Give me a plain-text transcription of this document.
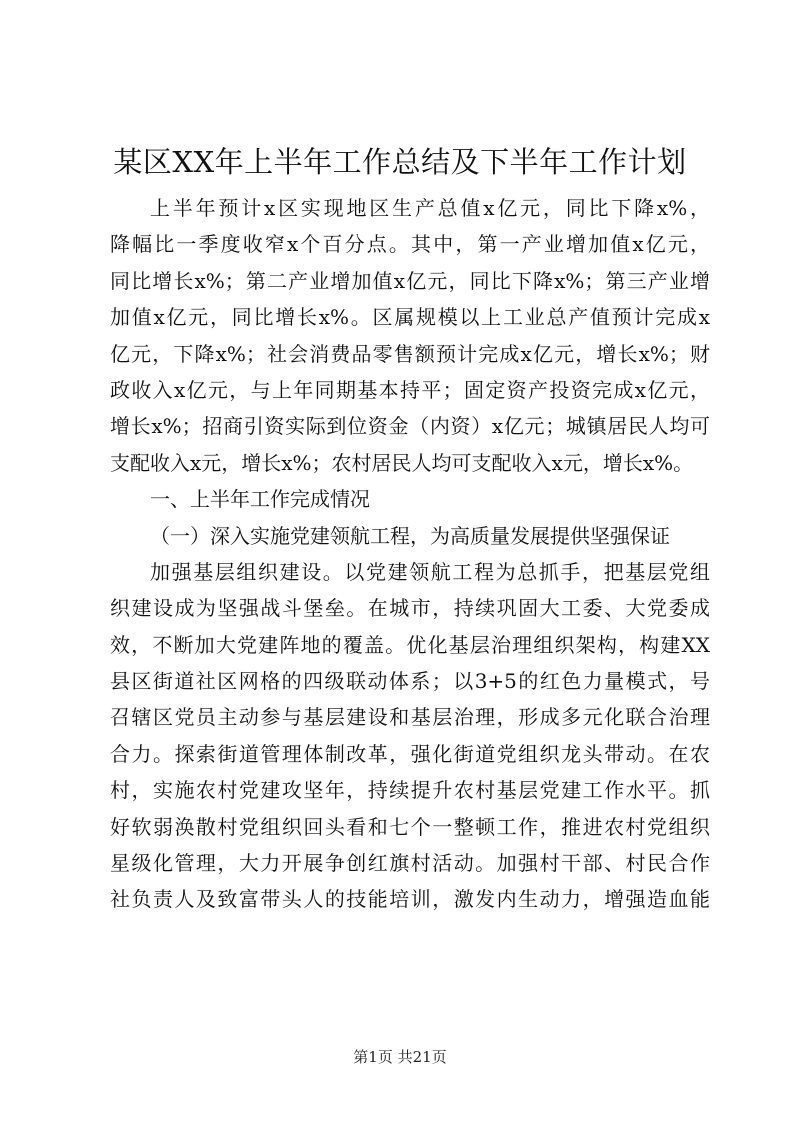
某区XX年上半年工作总结及下半年工作计划
上半年预计x区实现地区生产总值x亿元，同比下降x%，
降幅比一季度收窄x个百分点。其中，第一产业增加值x亿元，
同比增长x%；第二产业增加值x亿元，同比下降x%；第三产业增
加值x亿元，同比增长x%。区属规模以上工业总产值预计完成x
亿元，下降x%；社会消费品零售额预计完成x亿元，增长x%；财
政收入x亿元，与上年同期基本持平；固定资产投资完成x亿元，
增长x%；招商引资实际到位资金（内资）x亿元；城镇居民人均可
支配收入x元，增长x%；农村居民人均可支配收入x元，增长x%。
一、上半年工作完成情况
（一）深入实施党建领航工程，为高质量发展提供坚强保证
加强基层组织建设。以党建领航工程为总抓手，把基层党组
织建设成为坚强战斗堡垒。在城市，持续巩固大工委、大党委成
效，不断加大党建阵地的覆盖。优化基层治理组织架构，构建XX
县区街道社区网格的四级联动体系；以3+5的红色力量模式，号
召辖区党员主动参与基层建设和基层治理，形成多元化联合治理
合力。探索街道管理体制改革，强化街道党组织龙头带动。在农
村，实施农村党建攻坚年，持续提升农村基层党建工作水平。抓
好软弱涣散村党组织回头看和七个一整顿工作，推进农村党组织
星级化管理，大力开展争创红旗村活动。加强村干部、村民合作
社负责人及致富带头人的技能培训，激发内生动力，增强造血能
第1页 共21页
